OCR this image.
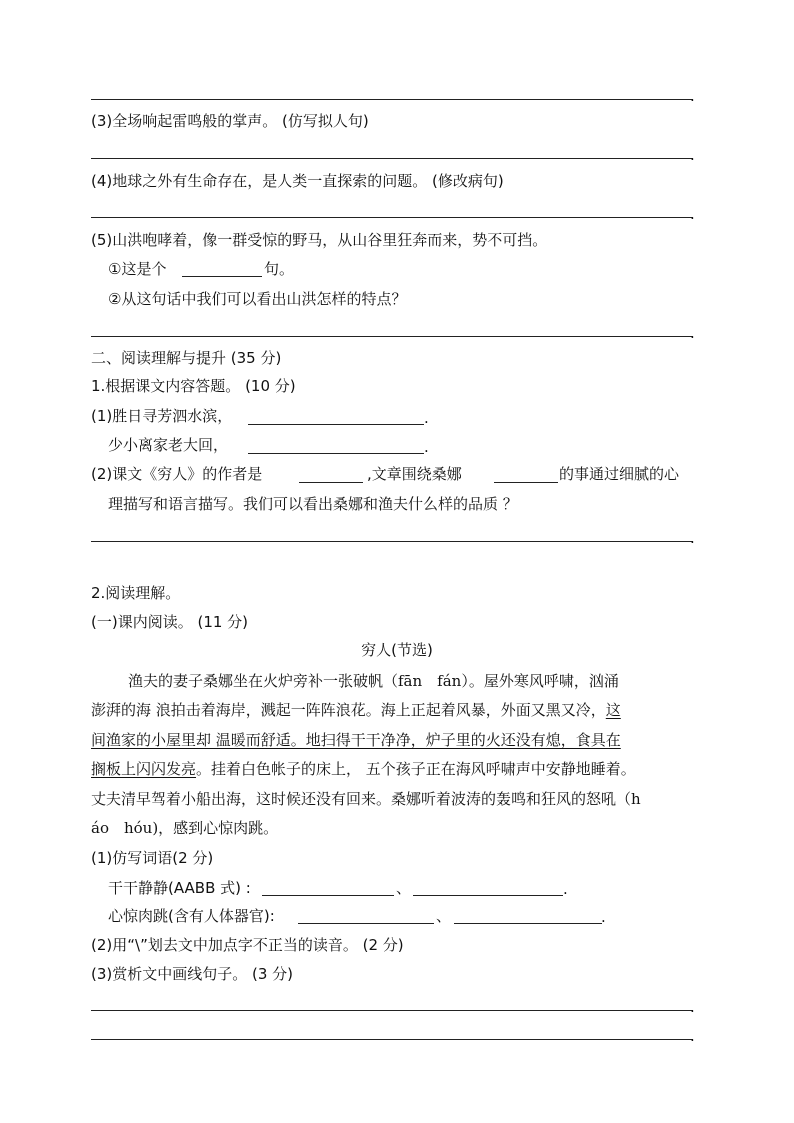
.
(3)全场响起雷鸣般的掌声。 (仿写拟人句)
.
(4)地球之外有生命存在，是人类一直探索的问题。 (修改病句)
.
(5)山洪咆哮着，像一群受惊的野马，从山谷里狂奔而来，势不可挡。
①这是个	句。
②从这句话中我们可以看出山洪怎样的特点？
.
二、阅读理解与提升 (35 分)
1.根据课文内容答题。 (10 分)
(1)胜日寻芳泗水滨，	.
少小离家老大回，	.
(2)课文《穷人》的作者是	,文章围绕桑娜	的事通过细腻的心
理描写和语言描写。我们可以看出桑娜和渔夫什么样的品质 ？
.
2.阅读理解。
(一)课内阅读。 (11 分)
穷人(节选)
渔夫的妻子桑娜坐在火炉旁补一张破帆（fān　fán）。屋外寒风呼啸，汹涌
澎湃的海 浪拍击着海岸，溅起一阵阵浪花。海上正起着风暴，外面又黑又冷，这
间渔家的小屋里却 温暖而舒适。地扫得干干净净，炉子里的火还没有熄，食具在
搁板上闪闪发亮。挂着白色帐子的床上， 五个孩子正在海风呼啸声中安静地睡着。
丈夫清早驾着小船出海，这时候还没有回来。桑娜听着波涛的轰鸣和狂风的怒吼（h
áo　hóu)，感到心惊肉跳。
(1)仿写词语(2 分)
干干静静(AABB 式) :	、	.
心惊肉跳(含有人体器官):	、	.
(2)用“\”划去文中加点字不正当的读音。 (2 分)
(3)赏析文中画线句子。 (3 分)
.
.
